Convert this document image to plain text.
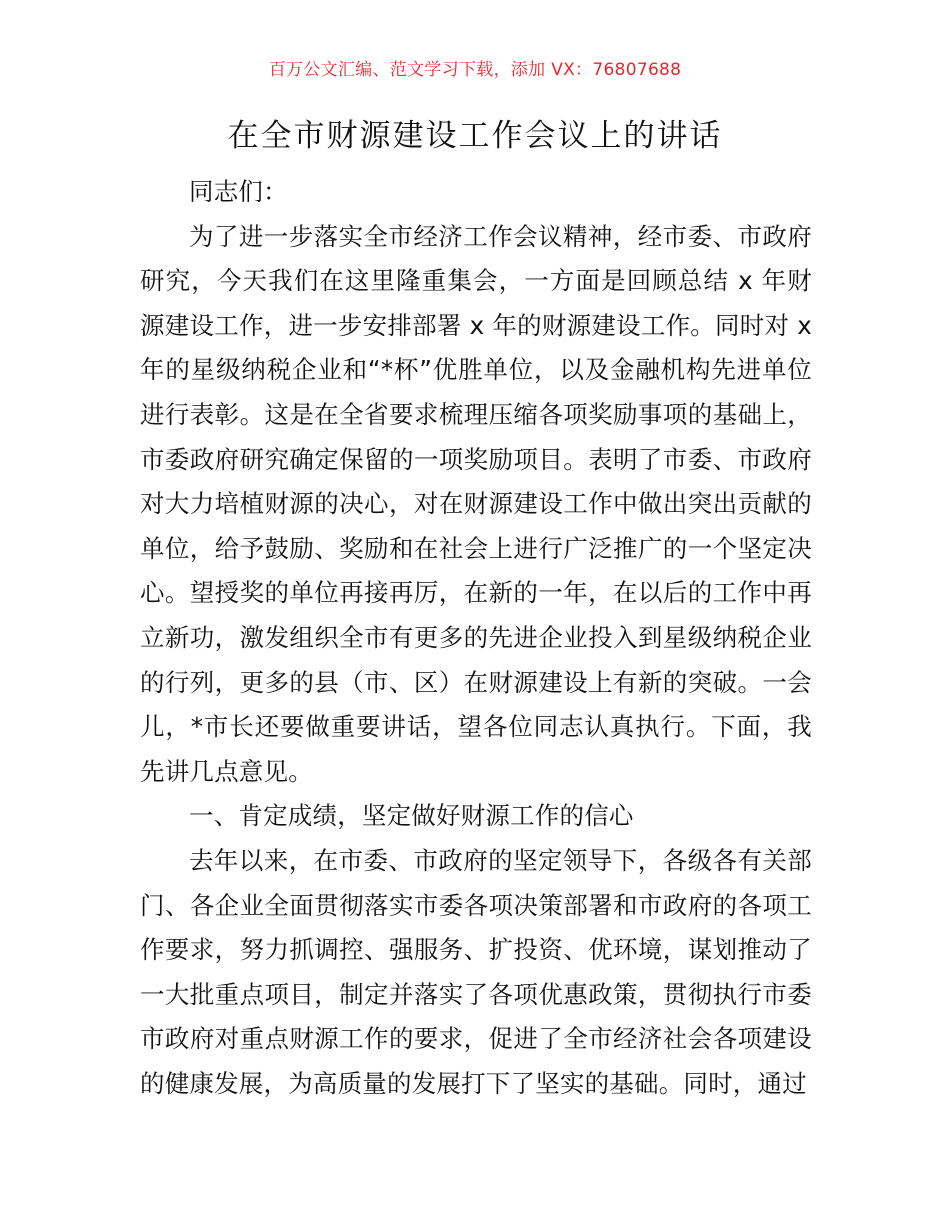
百万公文汇编、范文学习下载，添加 VX：76807688
在全市财源建设工作会议上的讲话

同志们：

为了进一步落实全市经济工作会议精神，经市委、市政府研究，今天我们在这里隆重集会，一方面是回顾总结 x 年财源建设工作，进一步安排部署 x 年的财源建设工作。同时对 x 年的星级纳税企业和“*杯”优胜单位，以及金融机构先进单位进行表彰。这是在全省要求梳理压缩各项奖励事项的基础上，市委政府研究确定保留的一项奖励项目。表明了市委、市政府对大力培植财源的决心，对在财源建设工作中做出突出贡献的单位，给予鼓励、奖励和在社会上进行广泛推广的一个坚定决心。望授奖的单位再接再厉，在新的一年，在以后的工作中再立新功，激发组织全市有更多的先进企业投入到星级纳税企业的行列，更多的县（市、区）在财源建设上有新的突破。一会儿，*市长还要做重要讲话，望各位同志认真执行。下面，我先讲几点意见。

一、肯定成绩，坚定做好财源工作的信心

去年以来，在市委、市政府的坚定领导下，各级各有关部门、各企业全面贯彻落实市委各项决策部署和市政府的各项工作要求，努力抓调控、强服务、扩投资、优环境，谋划推动了一大批重点项目，制定并落实了各项优惠政策，贯彻执行市委市政府对重点财源工作的要求，促进了全市经济社会各项建设的健康发展，为高质量的发展打下了坚实的基础。同时，通过
